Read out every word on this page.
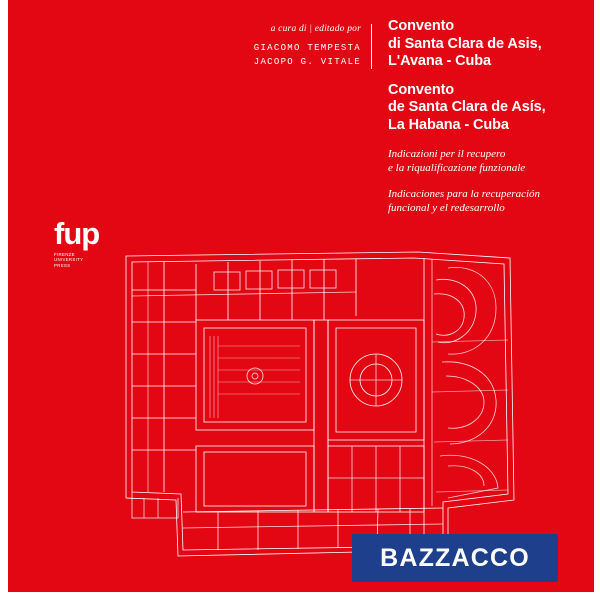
a cura di | editado por
GIACOMO TEMPESTA
JACOPO G. VITALE
Convento
di Santa Clara de Asis,
L'Avana - Cuba
Convento
de Santa Clara de Asís,
La Habana - Cuba
Indicazioni per il recupero
e la riqualificazione funzionale
Indicaciones para la recuperación
funcional y el redesarrollo
fup
FIRENZE
UNIVERSITY
PRESS
BAZZACCO
